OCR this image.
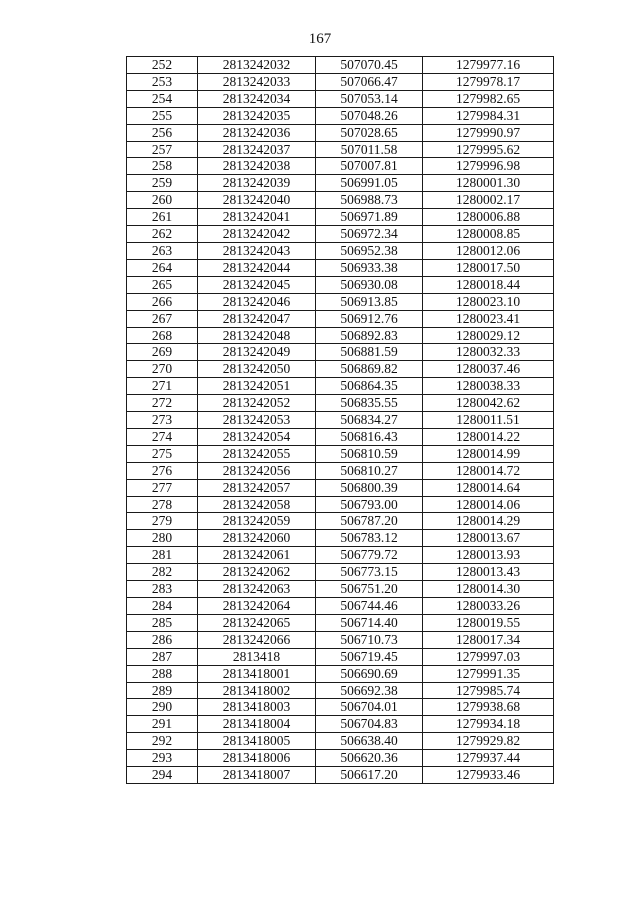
167
252	2813242032	507070.45	1279977.16
253	2813242033	507066.47	1279978.17
254	2813242034	507053.14	1279982.65
255	2813242035	507048.26	1279984.31
256	2813242036	507028.65	1279990.97
257	2813242037	507011.58	1279995.62
258	2813242038	507007.81	1279996.98
259	2813242039	506991.05	1280001.30
260	2813242040	506988.73	1280002.17
261	2813242041	506971.89	1280006.88
262	2813242042	506972.34	1280008.85
263	2813242043	506952.38	1280012.06
264	2813242044	506933.38	1280017.50
265	2813242045	506930.08	1280018.44
266	2813242046	506913.85	1280023.10
267	2813242047	506912.76	1280023.41
268	2813242048	506892.83	1280029.12
269	2813242049	506881.59	1280032.33
270	2813242050	506869.82	1280037.46
271	2813242051	506864.35	1280038.33
272	2813242052	506835.55	1280042.62
273	2813242053	506834.27	1280011.51
274	2813242054	506816.43	1280014.22
275	2813242055	506810.59	1280014.99
276	2813242056	506810.27	1280014.72
277	2813242057	506800.39	1280014.64
278	2813242058	506793.00	1280014.06
279	2813242059	506787.20	1280014.29
280	2813242060	506783.12	1280013.67
281	2813242061	506779.72	1280013.93
282	2813242062	506773.15	1280013.43
283	2813242063	506751.20	1280014.30
284	2813242064	506744.46	1280033.26
285	2813242065	506714.40	1280019.55
286	2813242066	506710.73	1280017.34
287	2813418	506719.45	1279997.03
288	2813418001	506690.69	1279991.35
289	2813418002	506692.38	1279985.74
290	2813418003	506704.01	1279938.68
291	2813418004	506704.83	1279934.18
292	2813418005	506638.40	1279929.82
293	2813418006	506620.36	1279937.44
294	2813418007	506617.20	1279933.46
